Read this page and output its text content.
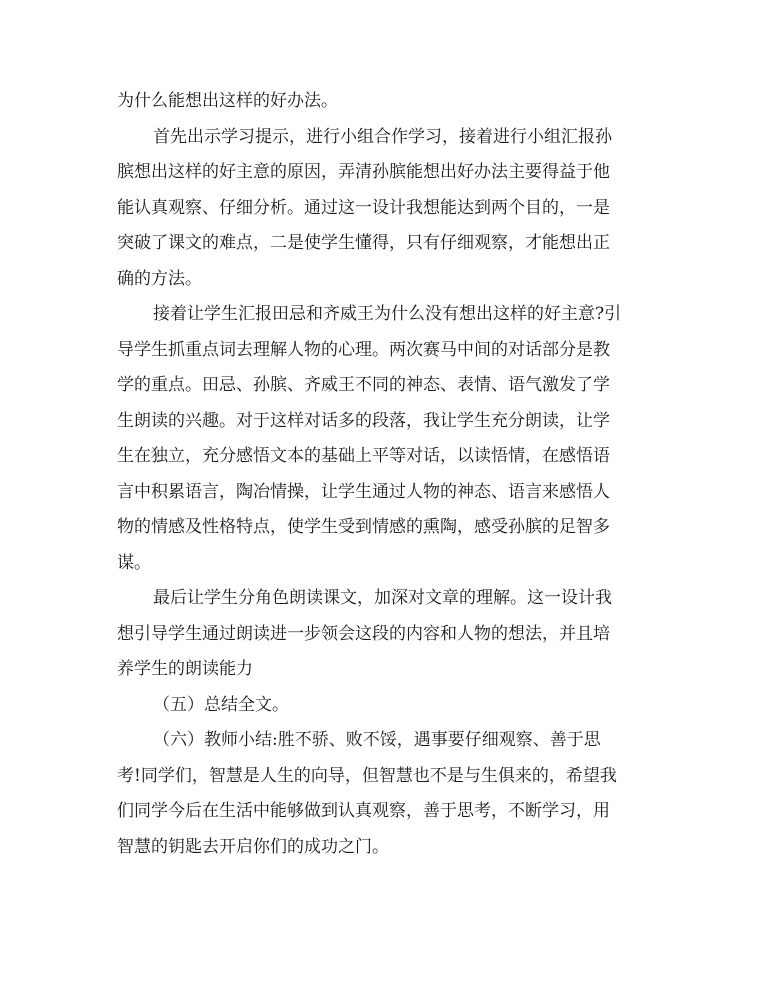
为什么能想出这样的好办法。

首先出示学习提示，进行小组合作学习，接着进行小组汇报孙
膑想出这样的好主意的原因，弄清孙膑能想出好办法主要得益于他
能认真观察、仔细分析。通过这一设计我想能达到两个目的，一是
突破了课文的难点，二是使学生懂得，只有仔细观察，才能想出正
确的方法。

接着让学生汇报田忌和齐威王为什么没有想出这样的好主意?引
导学生抓重点词去理解人物的心理。两次赛马中间的对话部分是教
学的重点。田忌、孙膑、齐威王不同的神态、表情、语气激发了学
生朗读的兴趣。对于这样对话多的段落，我让学生充分朗读，让学
生在独立，充分感悟文本的基础上平等对话，以读悟情，在感悟语
言中积累语言，陶冶情操，让学生通过人物的神态、语言来感悟人
物的情感及性格特点，使学生受到情感的熏陶，感受孙膑的足智多
谋。

最后让学生分角色朗读课文，加深对文章的理解。这一设计我
想引导学生通过朗读进一步领会这段的内容和人物的想法，并且培
养学生的朗读能力

（五）总结全文。

（六）教师小结:胜不骄、败不馁，遇事要仔细观察、善于思
考!同学们，智慧是人生的向导，但智慧也不是与生俱来的，希望我
们同学今后在生活中能够做到认真观察，善于思考，不断学习，用
智慧的钥匙去开启你们的成功之门。
